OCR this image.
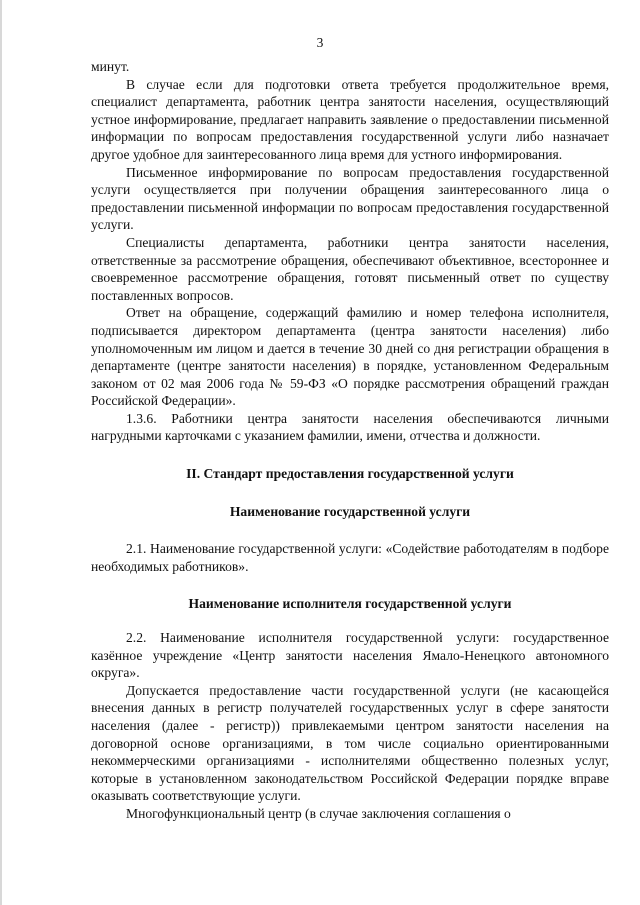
3

минут.

В случае если для подготовки ответа требуется продолжительное время, специалист департамента, работник центра занятости населения, осуществляющий устное информирование, предлагает направить заявление о предоставлении письменной информации по вопросам предоставления государственной услуги либо назначает другое удобное для заинтересованного лица время для устного информирования.

Письменное информирование по вопросам предоставления государственной услуги осуществляется при получении обращения заинтересованного лица о предоставлении письменной информации по вопросам предоставления государственной услуги.

Специалисты департамента, работники центра занятости населения, ответственные за рассмотрение обращения, обеспечивают объективное, всестороннее и своевременное рассмотрение обращения, готовят письменный ответ по существу поставленных вопросов.

Ответ на обращение, содержащий фамилию и номер телефона исполнителя, подписывается директором департамента (центра занятости населения) либо уполномоченным им лицом и дается в течение 30 дней со дня регистрации обращения в департаменте (центре занятости населения) в порядке, установленном Федеральным законом от 02 мая 2006 года № 59-ФЗ «О порядке рассмотрения обращений граждан Российской Федерации».

1.3.6. Работники центра занятости населения обеспечиваются личными нагрудными карточками с указанием фамилии, имени, отчества и должности.

II. Стандарт предоставления государственной услуги
Наименование государственной услуги

2.1. Наименование государственной услуги: «Содействие работодателям в подборе необходимых работников».

Наименование исполнителя государственной услуги

2.2. Наименование исполнителя государственной услуги: государственное казённое учреждение «Центр занятости населения Ямало-Ненецкого автономного округа».

Допускается предоставление части государственной услуги (не касающейся внесения данных в регистр получателей государственных услуг в сфере занятости населения (далее - регистр)) привлекаемыми центром занятости населения на договорной основе организациями, в том числе социально ориентированными некоммерческими организациями - исполнителями общественно полезных услуг, которые в установленном законодательством Российской Федерации порядке вправе оказывать соответствующие услуги.

Многофункциональный центр (в случае заключения соглашения о
